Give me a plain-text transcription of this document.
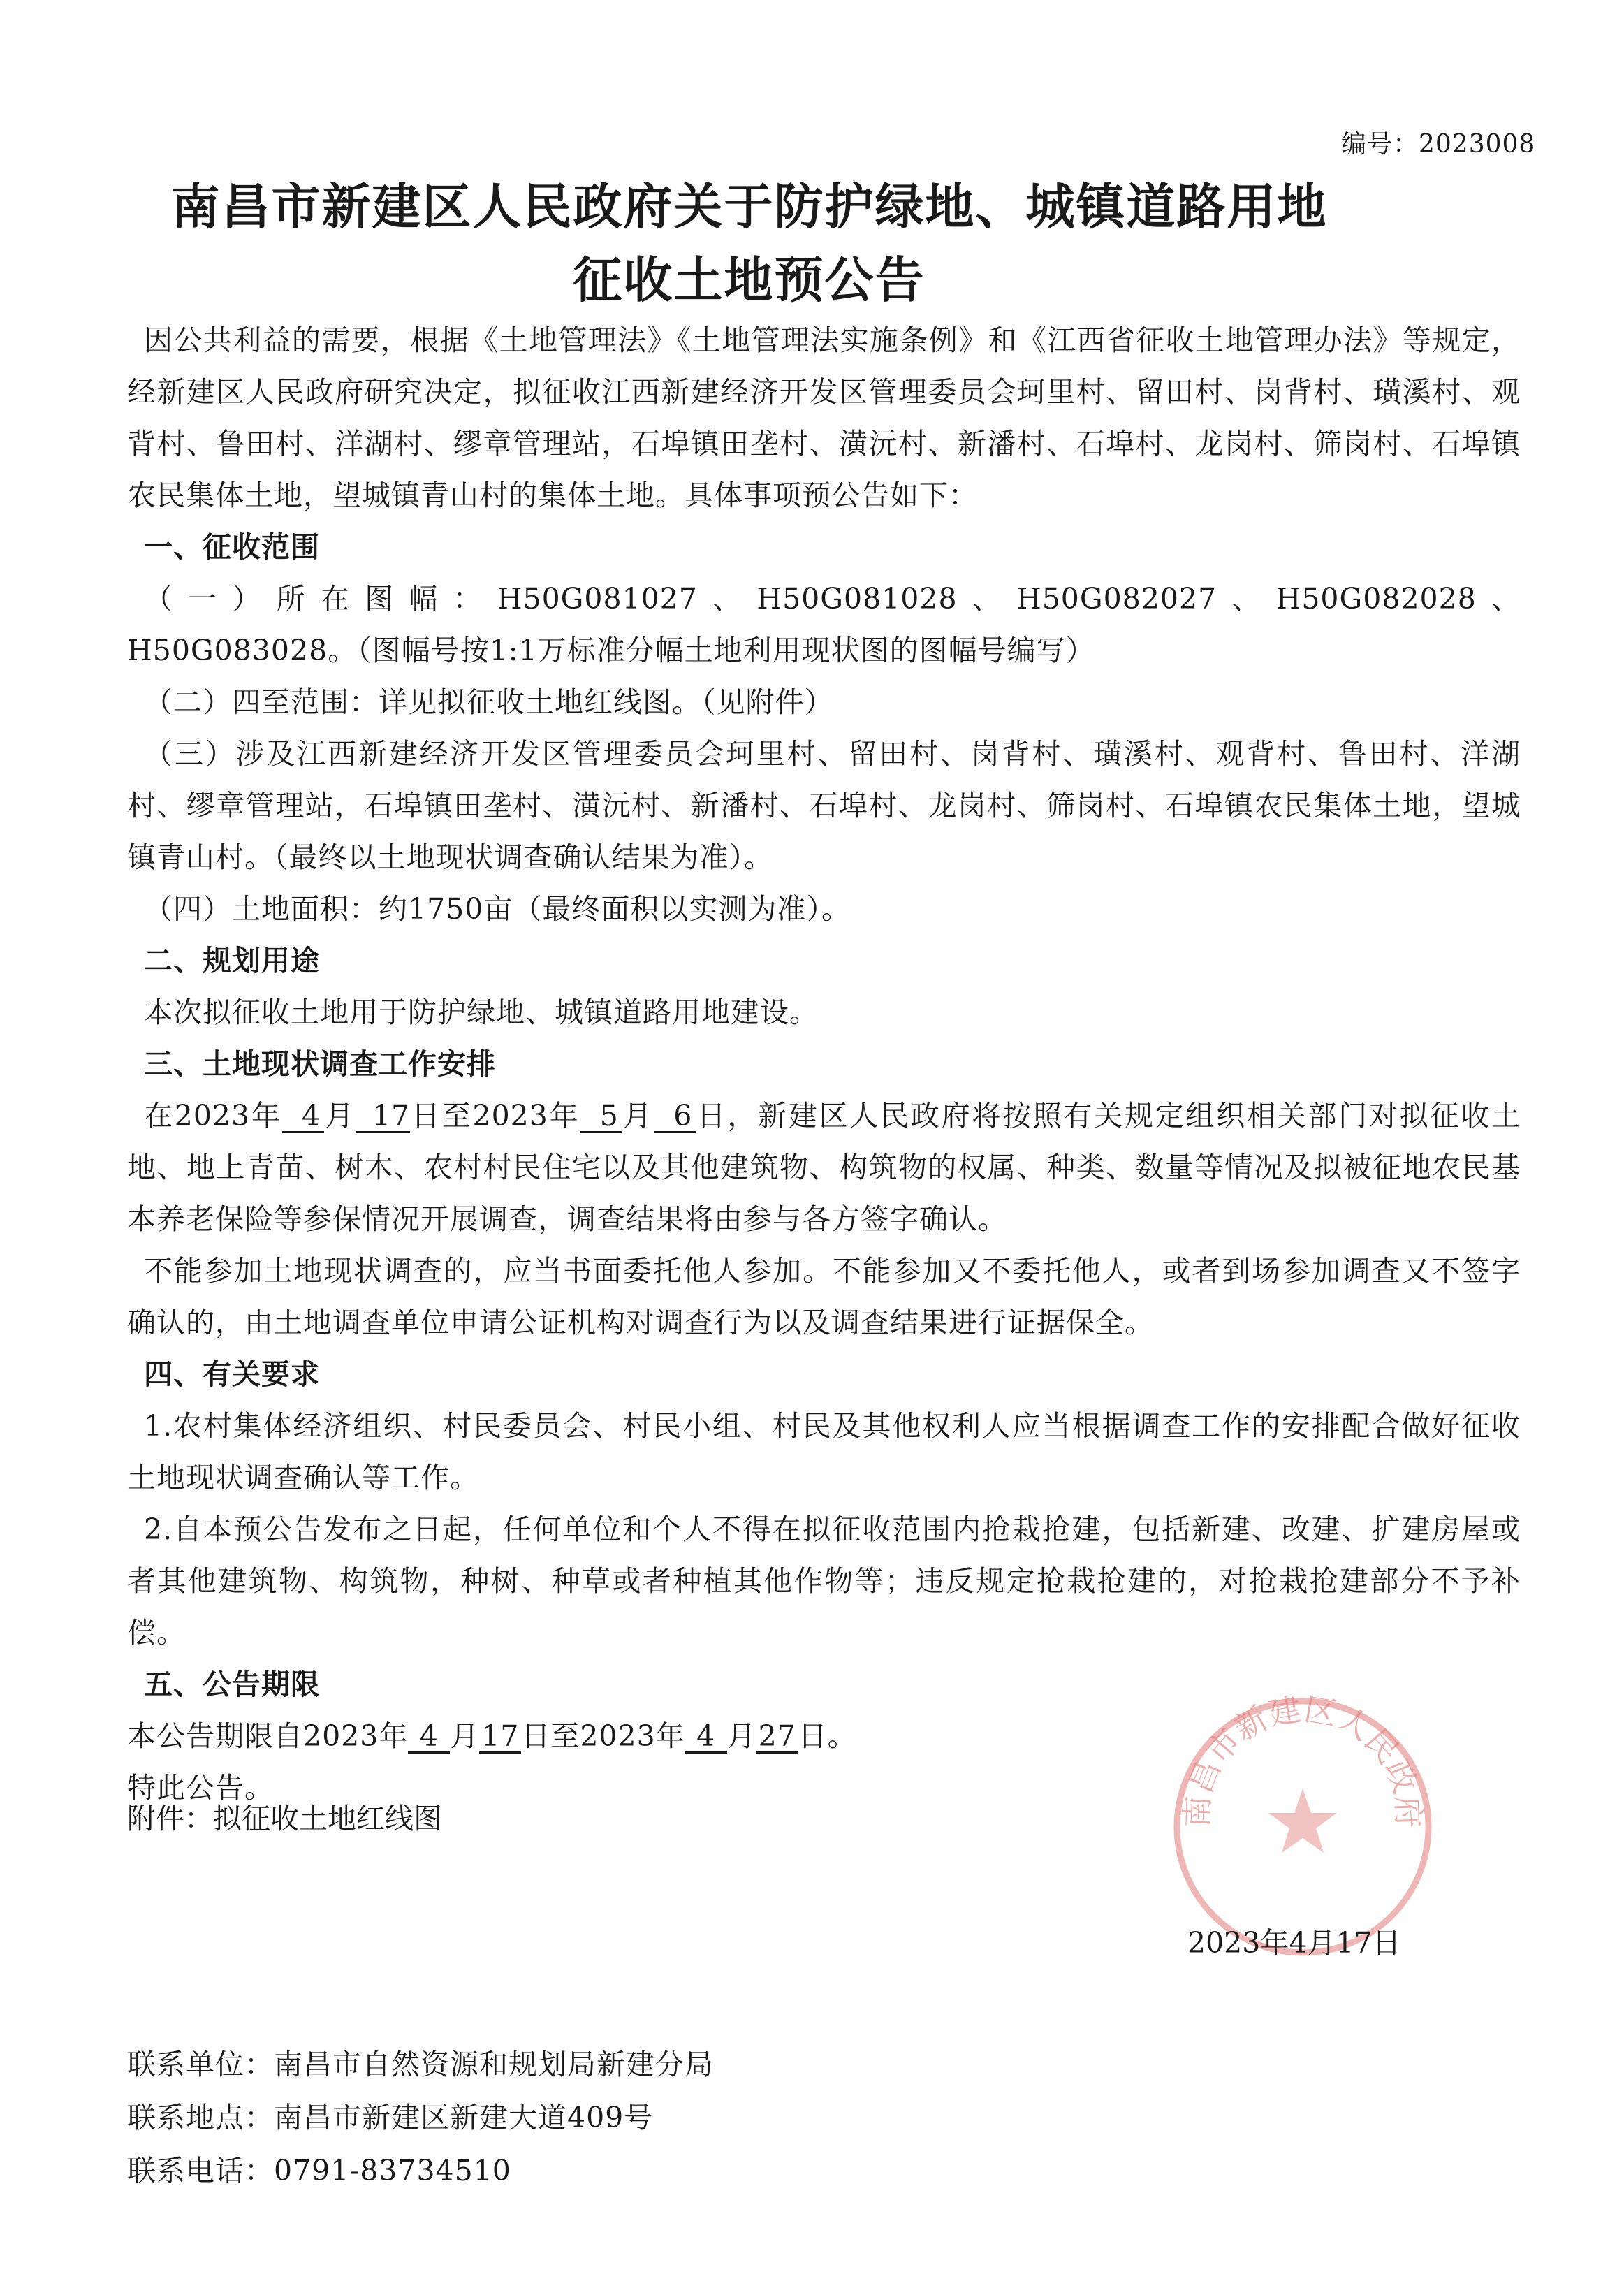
编号：2023008
南昌市新建区人民政府关于防护绿地、城镇道路用地
征收土地预公告

因公共利益的需要，根据《土地管理法》《土地管理法实施条例》和《江西省征收土地管理办法》等规定，经新建区人民政府研究决定，拟征收江西新建经济开发区管理委员会珂里村、留田村、岗背村、璜溪村、观背村、鲁田村、洋湖村、缪章管理站，石埠镇田垄村、潢沅村、新潘村、石埠村、龙岗村、筛岗村、石埠镇农民集体土地，望城镇青山村的集体土地。具体事项预公告如下：

一、征收范围

（一）所在图幅：H50G081027、H50G081028、H50G082027、H50G082028、H50G083028。（图幅号按1:1万标准分幅土地利用现状图的图幅号编写）

（二）四至范围：详见拟征收土地红线图。（见附件）

（三）涉及江西新建经济开发区管理委员会珂里村、留田村、岗背村、璜溪村、观背村、鲁田村、洋湖村、缪章管理站，石埠镇田垄村、潢沅村、新潘村、石埠村、龙岗村、筛岗村、石埠镇农民集体土地，望城镇青山村。（最终以土地现状调查确认结果为准）。

（四）土地面积：约1750亩（最终面积以实测为准）。

二、规划用途

本次拟征收土地用于防护绿地、城镇道路用地建设。

三、土地现状调查工作安排

在2023年 4 月 17日至2023年 5 月 6 日，新建区人民政府将按照有关规定组织相关部门对拟征收土地、地上青苗、树木、农村村民住宅以及其他建筑物、构筑物的权属、种类、数量等情况及拟被征地农民基本养老保险等参保情况开展调查，调查结果将由参与各方签字确认。

不能参加土地现状调查的，应当书面委托他人参加。不能参加又不委托他人，或者到场参加调查又不签字确认的，由土地调查单位申请公证机构对调查行为以及调查结果进行证据保全。

四、有关要求

1.农村集体经济组织、村民委员会、村民小组、村民及其他权利人应当根据调查工作的安排配合做好征收土地现状调查确认等工作。

2.自本预公告发布之日起，任何单位和个人不得在拟征收范围内抢栽抢建，包括新建、改建、扩建房屋或者其他建筑物、构筑物，种树、种草或者种植其他作物等；违反规定抢栽抢建的，对抢栽抢建部分不予补偿。

五、公告期限

本公告期限自2023年 4 月17日至2023年 4 月27日。

特此公告。

附件：拟征收土地红线图	南昌市新建区人民政府
2023年4月17日
联系单位：南昌市自然资源和规划局新建分局
联系地点：南昌市新建区新建大道409号
联系电话：0791-83734510
